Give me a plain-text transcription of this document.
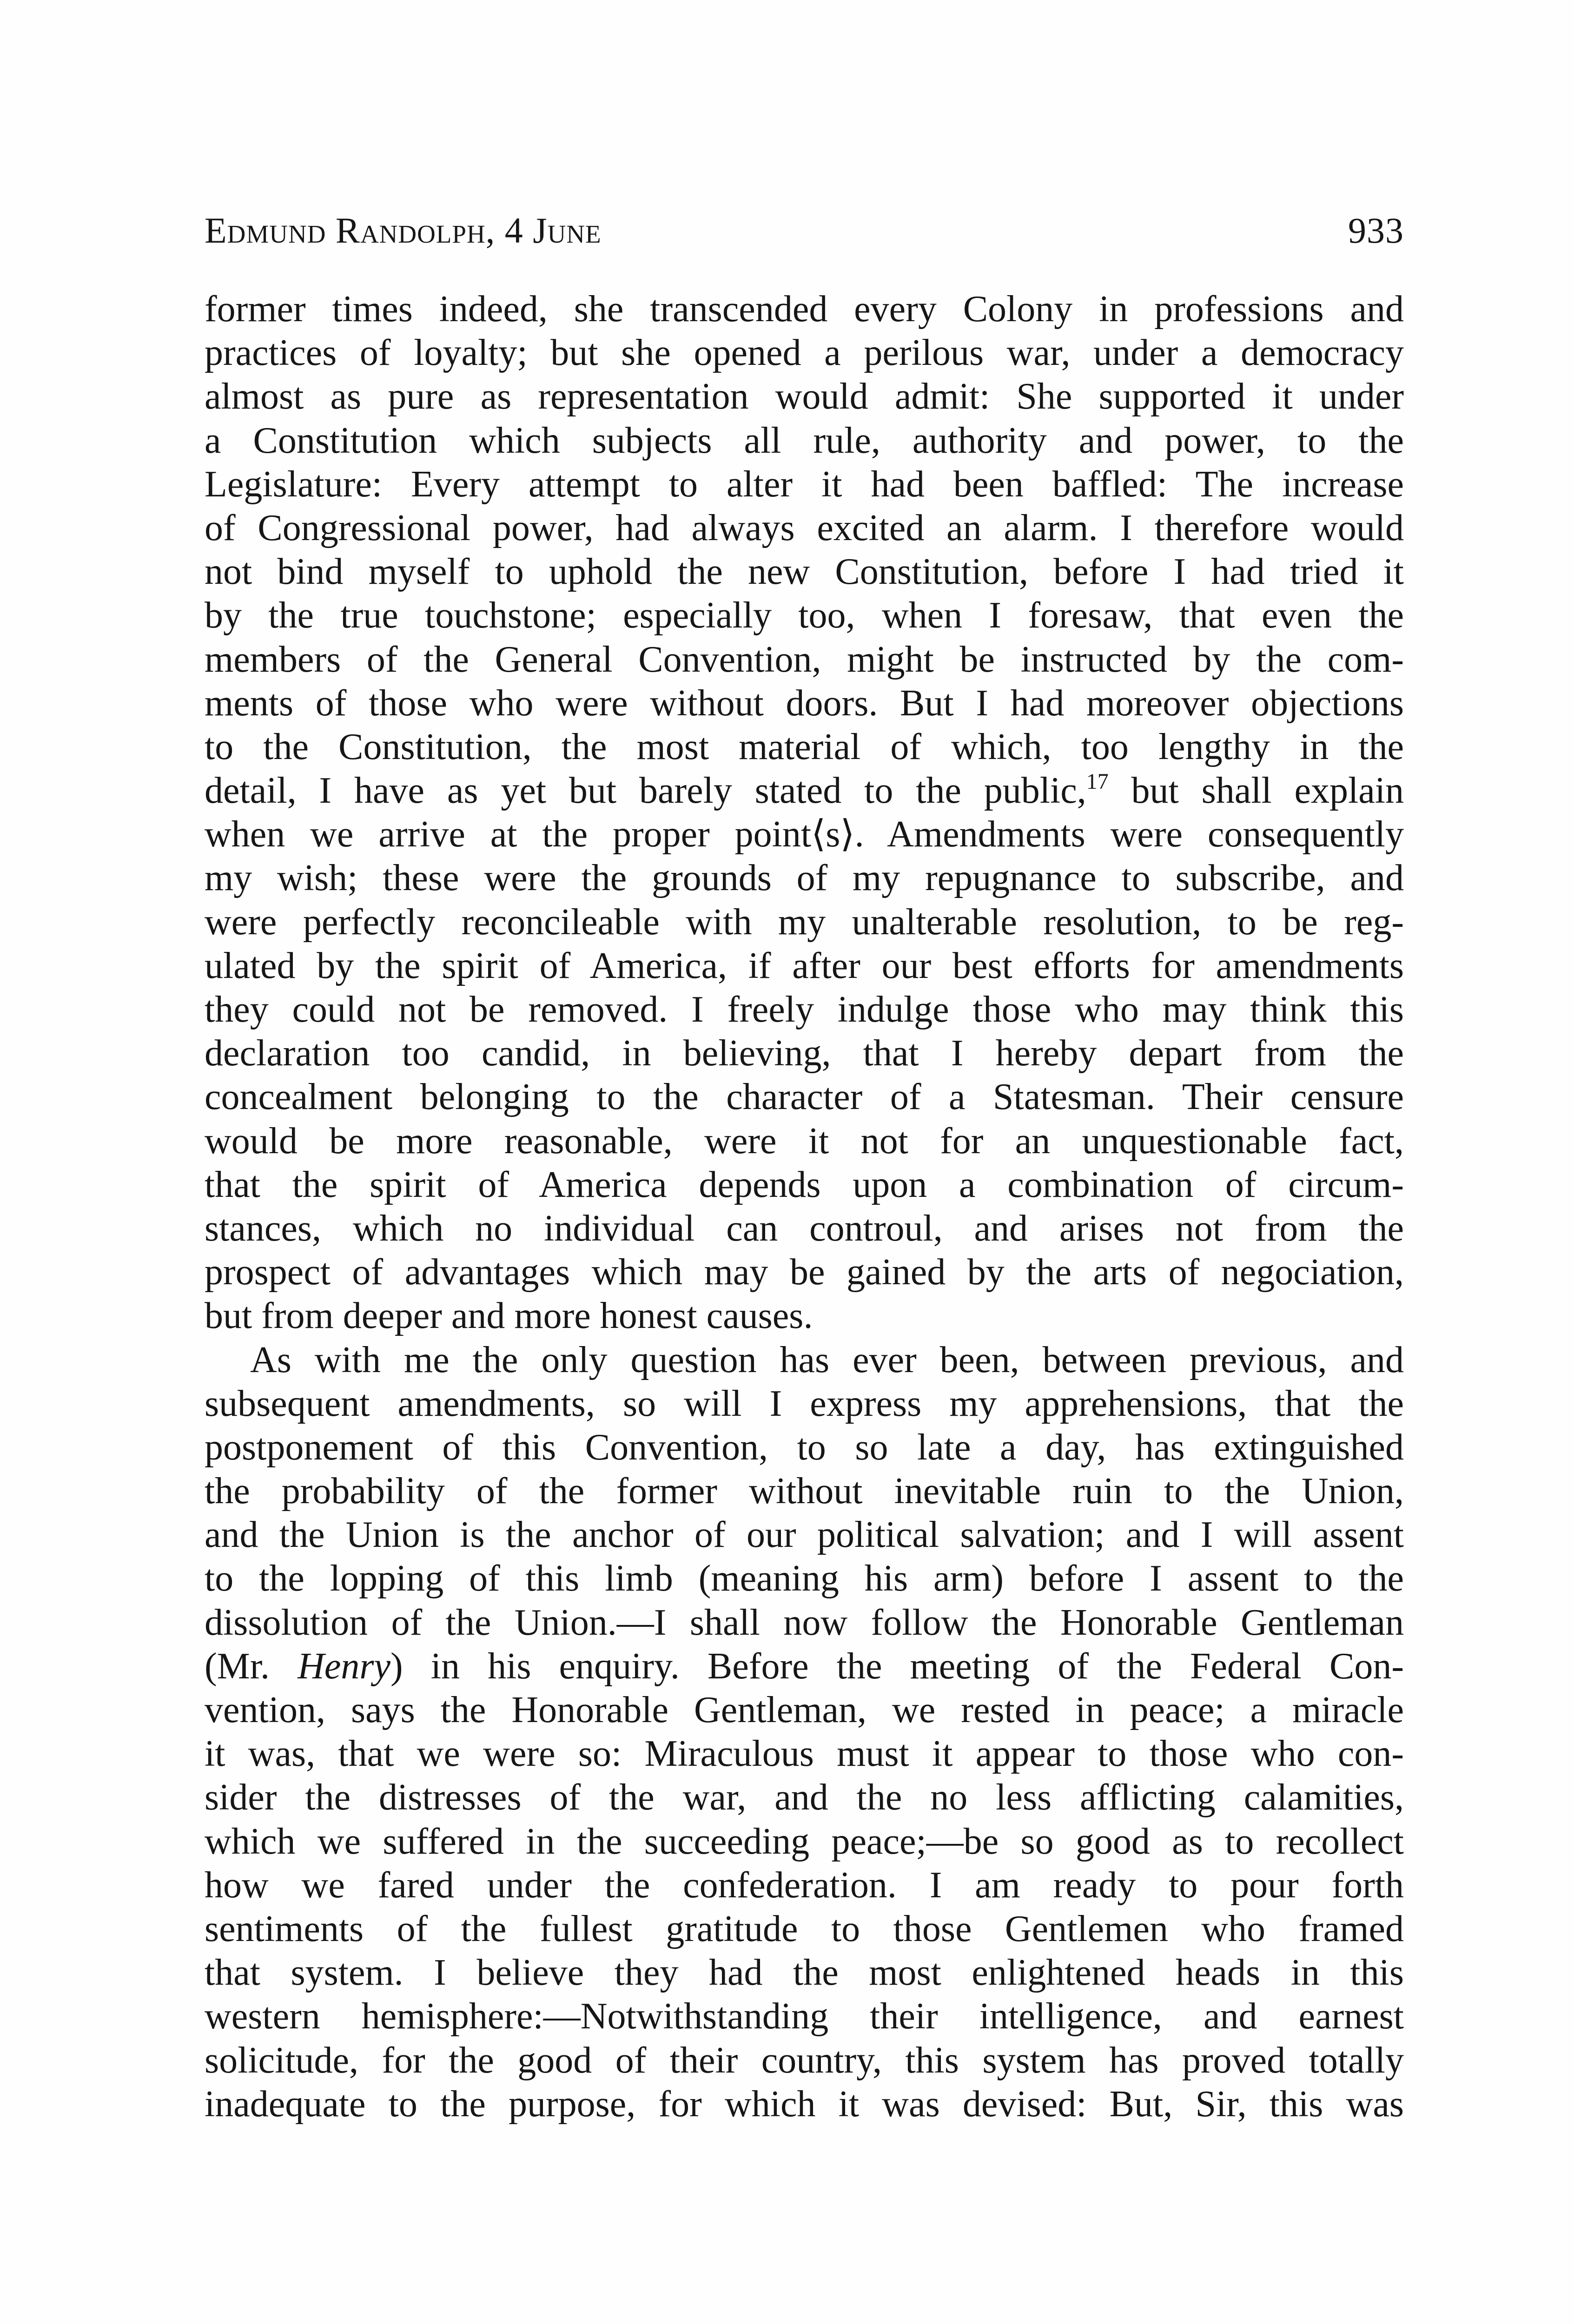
Edmund Randolph, 4 June	933
former times indeed, she transcended every Colony in professions and
practices of loyalty; but she opened a perilous war, under a democracy
almost as pure as representation would admit: She supported it under
a Constitution which subjects all rule, authority and power, to the
Legislature: Every attempt to alter it had been baffled: The increase
of Congressional power, had always excited an alarm. I therefore would
not bind myself to uphold the new Constitution, before I had tried it
by the true touchstone; especially too, when I foresaw, that even the
members of the General Convention, might be instructed by the com-
ments of those who were without doors. But I had moreover objections
to the Constitution, the most material of which, too lengthy in the
detail, I have as yet but barely stated to the public,$^{17}$ but shall explain
when we arrive at the proper point⟨s⟩. Amendments were consequently
my wish; these were the grounds of my repugnance to subscribe, and
were perfectly reconcileable with my unalterable resolution, to be reg-
ulated by the spirit of America, if after our best efforts for amendments
they could not be removed. I freely indulge those who may think this
declaration too candid, in believing, that I hereby depart from the
concealment belonging to the character of a Statesman. Their censure
would be more reasonable, were it not for an unquestionable fact,
that the spirit of America depends upon a combination of circum-
stances, which no individual can controul, and arises not from the
prospect of advantages which may be gained by the arts of negociation,
but from deeper and more honest causes.
As with me the only question has ever been, between previous, and
subsequent amendments, so will I express my apprehensions, that the
postponement of this Convention, to so late a day, has extinguished
the probability of the former without inevitable ruin to the Union,
and the Union is the anchor of our political salvation; and I will assent
to the lopping of this limb (meaning his arm) before I assent to the
dissolution of the Union.—I shall now follow the Honorable Gentleman
(Mr. Henry) in his enquiry. Before the meeting of the Federal Con-
vention, says the Honorable Gentleman, we rested in peace; a miracle
it was, that we were so: Miraculous must it appear to those who con-
sider the distresses of the war, and the no less afflicting calamities,
which we suffered in the succeeding peace;—be so good as to recollect
how we fared under the confederation. I am ready to pour forth
sentiments of the fullest gratitude to those Gentlemen who framed
that system. I believe they had the most enlightened heads in this
western hemisphere:—Notwithstanding their intelligence, and earnest
solicitude, for the good of their country, this system has proved totally
inadequate to the purpose, for which it was devised: But, Sir, this was
